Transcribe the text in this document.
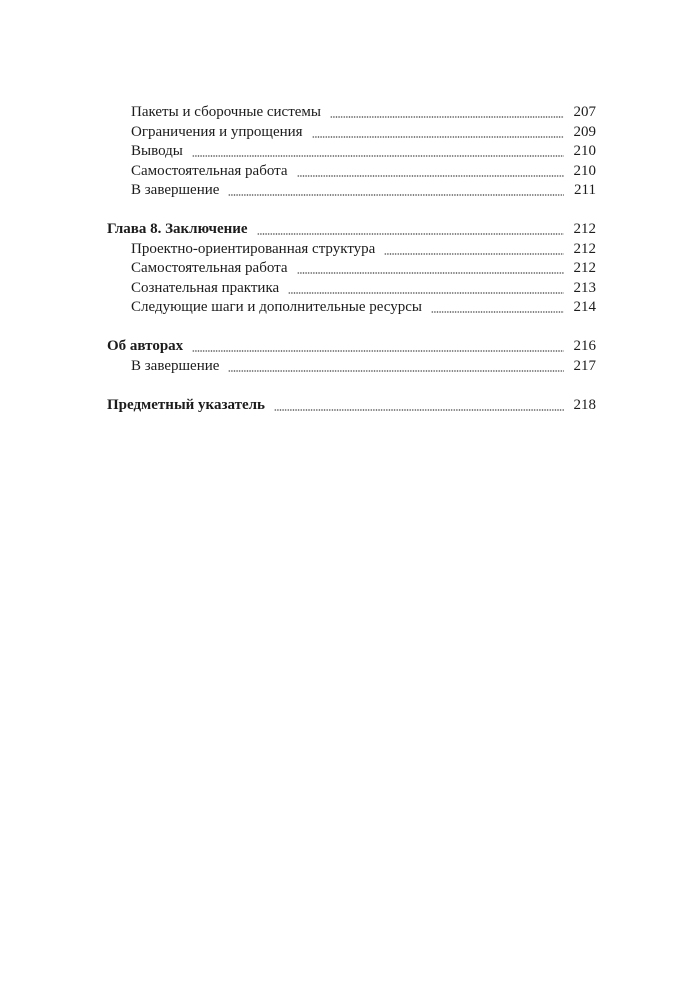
Пакеты и сборочные системы	207
Ограничения и упрощения	209
Выводы	210
Самостоятельная работа	210
В завершение	211
Глава 8. Заключение	212
Проектно-ориентированная структура	212
Самостоятельная работа	212
Сознательная практика	213
Следующие шаги и дополнительные ресурсы	214
Об авторах	216
В завершение	217
Предметный указатель	218
